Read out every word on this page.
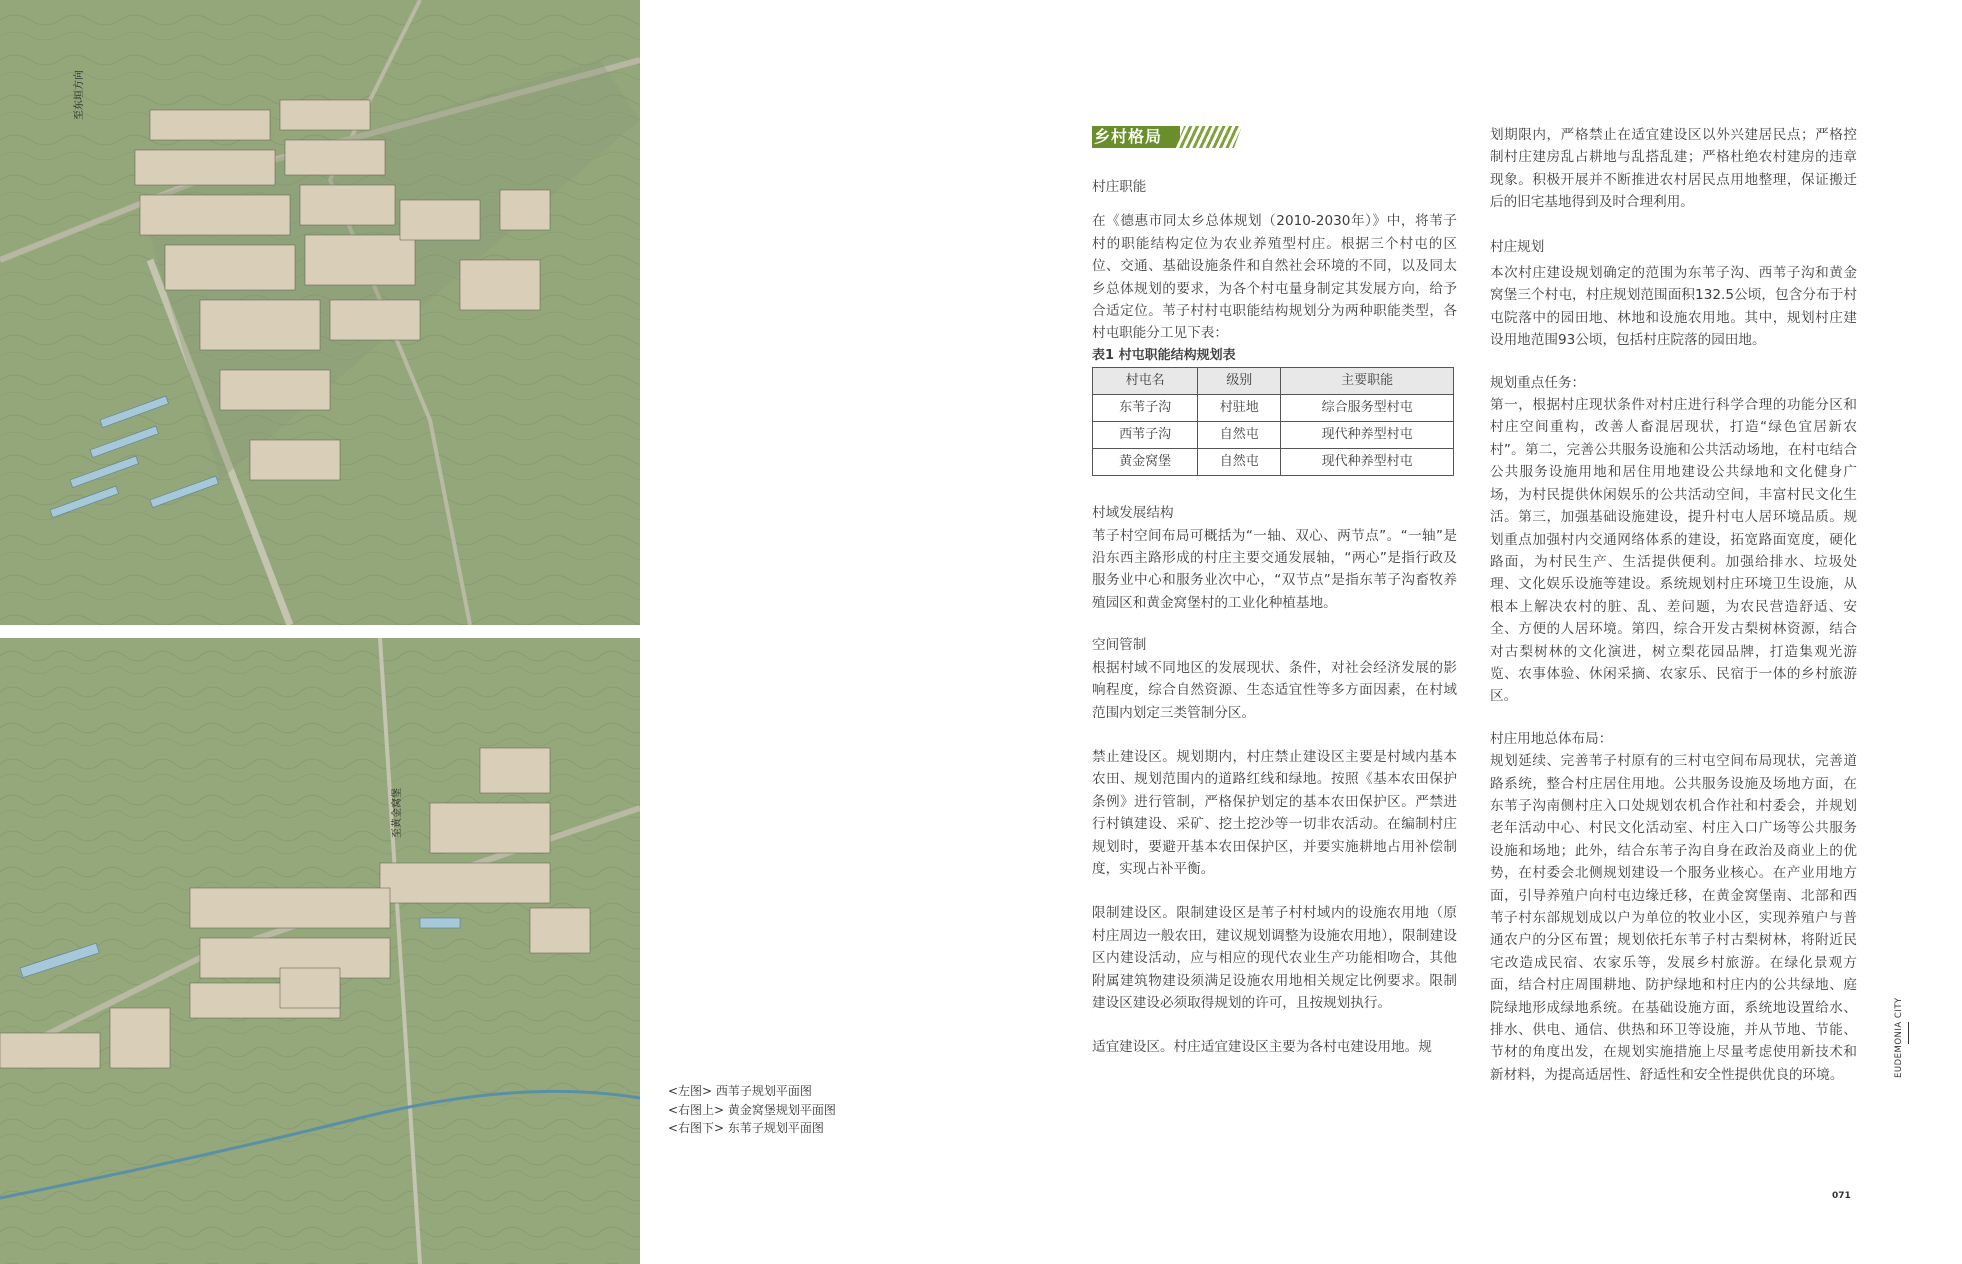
至东垣方向
至黄金窝堡
<左图> 西苇子规划平面图
<右图上> 黄金窝堡规划平面图
<右图下> 东苇子规划平面图
乡村格局

村庄职能

在《德惠市同太乡总体规划（2010-2030年）》中，将苇子村的职能结构定位为农业养殖型村庄。根据三个村屯的区位、交通、基础设施条件和自然社会环境的不同，以及同太乡总体规划的要求，为各个村屯量身制定其发展方向，给予合适定位。苇子村村屯职能结构规划分为两种职能类型，各村屯职能分工见下表：

表1 村屯职能结构规划表

村屯名	级别	主要职能
东苇子沟	村驻地	综合服务型村屯
西苇子沟	自然屯	现代种养型村屯
黄金窝堡	自然屯	现代种养型村屯

村域发展结构

苇子村空间布局可概括为“一轴、双心、两节点”。“一轴”是沿东西主路形成的村庄主要交通发展轴，“两心”是指行政及服务业中心和服务业次中心，“双节点”是指东苇子沟畜牧养殖园区和黄金窝堡村的工业化种植基地。

空间管制

根据村域不同地区的发展现状、条件，对社会经济发展的影响程度，综合自然资源、生态适宜性等多方面因素，在村域范围内划定三类管制分区。

禁止建设区。规划期内，村庄禁止建设区主要是村域内基本农田、规划范围内的道路红线和绿地。按照《基本农田保护条例》进行管制，严格保护划定的基本农田保护区。严禁进行村镇建设、采矿、挖土挖沙等一切非农活动。在编制村庄规划时，要避开基本农田保护区，并要实施耕地占用补偿制度，实现占补平衡。

限制建设区。限制建设区是苇子村村域内的设施农用地（原村庄周边一般农田，建议规划调整为设施农用地），限制建设区内建设活动，应与相应的现代农业生产功能相吻合，其他附属建筑物建设须满足设施农用地相关规定比例要求。限制建设区建设必须取得规划的许可，且按规划执行。

适宜建设区。村庄适宜建设区主要为各村屯建设用地。规

划期限内，严格禁止在适宜建设区以外兴建居民点；严格控制村庄建房乱占耕地与乱搭乱建；严格杜绝农村建房的违章现象。积极开展并不断推进农村居民点用地整理，保证搬迁后的旧宅基地得到及时合理利用。

村庄规划

本次村庄建设规划确定的范围为东苇子沟、西苇子沟和黄金窝堡三个村屯，村庄规划范围面积132.5公顷，包含分布于村屯院落中的园田地、林地和设施农用地。其中，规划村庄建设用地范围93公顷，包括村庄院落的园田地。

规划重点任务：

第一，根据村庄现状条件对村庄进行科学合理的功能分区和村庄空间重构，改善人畜混居现状，打造“绿色宜居新农村”。第二，完善公共服务设施和公共活动场地，在村屯结合公共服务设施用地和居住用地建设公共绿地和文化健身广场，为村民提供休闲娱乐的公共活动空间，丰富村民文化生活。第三，加强基础设施建设，提升村屯人居环境品质。规划重点加强村内交通网络体系的建设，拓宽路面宽度，硬化路面，为村民生产、生活提供便利。加强给排水、垃圾处理、文化娱乐设施等建设。系统规划村庄环境卫生设施，从根本上解决农村的脏、乱、差问题，为农民营造舒适、安全、方便的人居环境。第四，综合开发古梨树林资源，结合对古梨树林的文化演进，树立梨花园品牌，打造集观光游览、农事体验、休闲采摘、农家乐、民宿于一体的乡村旅游区。

村庄用地总体布局：

规划延续、完善苇子村原有的三村屯空间布局现状，完善道路系统，整合村庄居住用地。公共服务设施及场地方面，在东苇子沟南侧村庄入口处规划农机合作社和村委会，并规划老年活动中心、村民文化活动室、村庄入口广场等公共服务设施和场地；此外，结合东苇子沟自身在政治及商业上的优势，在村委会北侧规划建设一个服务业核心。在产业用地方面，引导养殖户向村屯边缘迁移，在黄金窝堡南、北部和西苇子村东部规划成以户为单位的牧业小区，实现养殖户与普通农户的分区布置；规划依托东苇子村古梨树林，将附近民宅改造成民宿、农家乐等，发展乡村旅游。在绿化景观方面，结合村庄周围耕地、防护绿地和村庄内的公共绿地、庭院绿地形成绿地系统。在基础设施方面，系统地设置给水、排水、供电、通信、供热和环卫等设施，并从节地、节能、节材的角度出发，在规划实施措施上尽量考虑使用新技术和新材料，为提高适居性、舒适性和安全性提供优良的环境。	EUDEMONIA CITY
071
